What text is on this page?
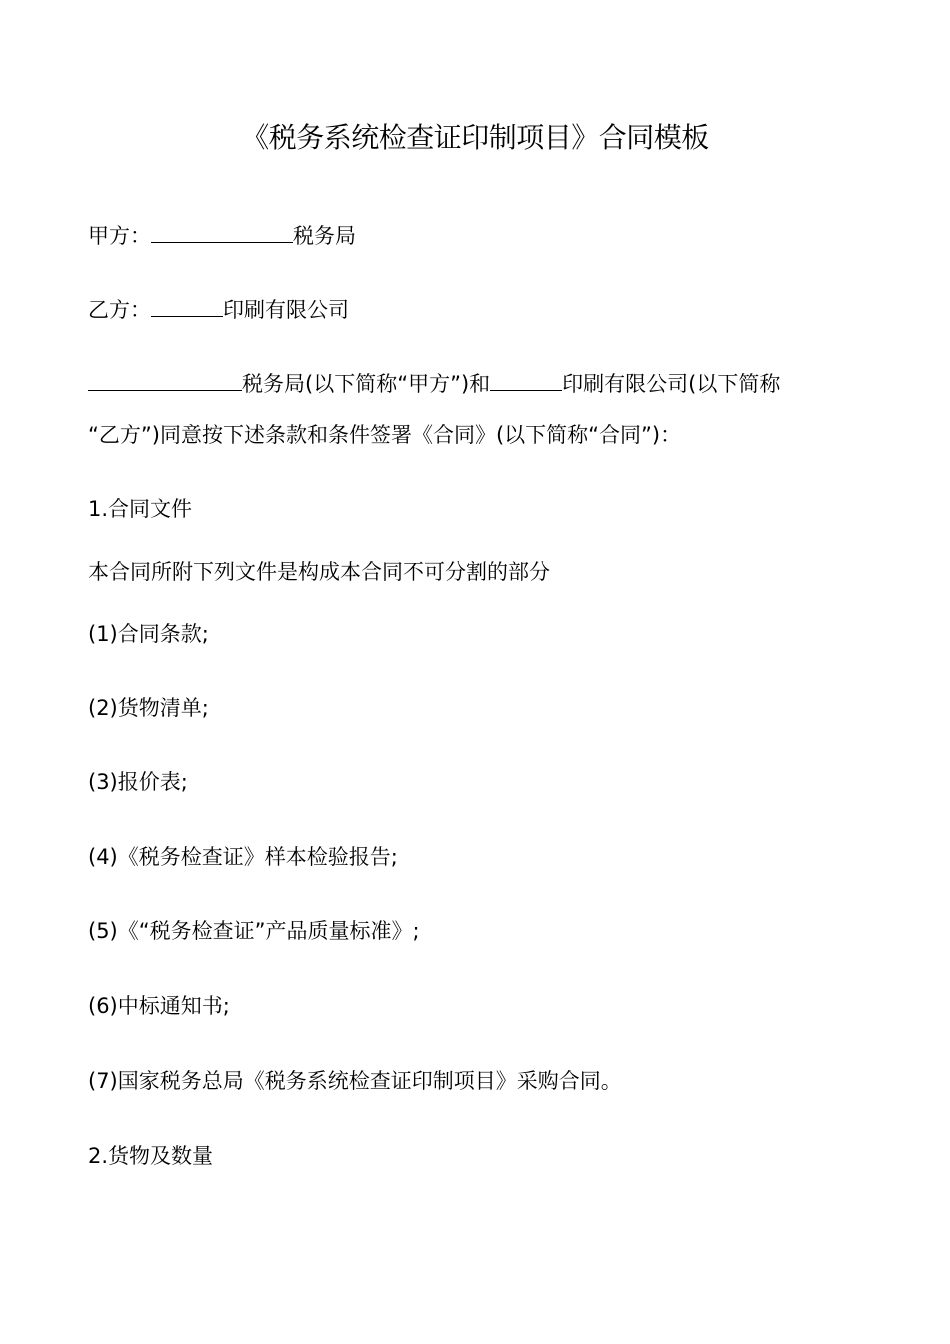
《税务系统检查证印制项目》合同模板
甲方：	税务局
乙方：	印刷有限公司
税务局(以下简称“甲方”)和	印刷有限公司(以下简称
“乙方”)同意按下述条款和条件签署《合同》(以下简称“合同”)：
1.合同文件
本合同所附下列文件是构成本合同不可分割的部分
(1)合同条款;
(2)货物清单;
(3)报价表;
(4)《税务检查证》样本检验报告;
(5)《“税务检查证”产品质量标准》;
(6)中标通知书;
(7)国家税务总局《税务系统检查证印制项目》采购合同。
2.货物及数量
